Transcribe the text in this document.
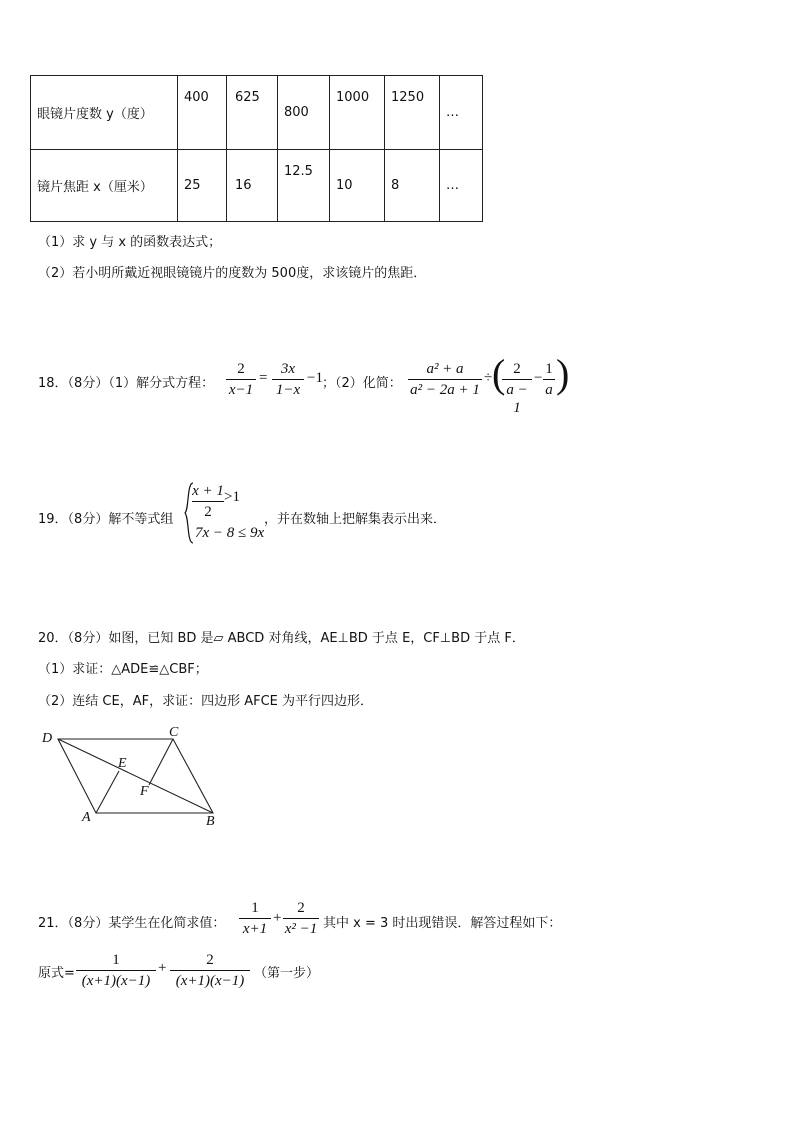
眼镜片度数 y（度）	400	625	800	1000	1250	…
镜片焦距 x（厘米）	25	16	12.5	10	8	…
（1）求 y 与 x 的函数表达式；
（2）若小明所戴近视眼镜镜片的度数为 500度，求该镜片的焦距．
18．（8分）（1）解分式方程：
2
x−1
=
3x
1−x
−1 ；（2）化简：
a² + a
a² − 2a + 1
÷ ( 2
a − 1
−
1
a )
19．（8分）解不等式组
x + 1
2
>1
7x − 8 ≤ 9x
，并在数轴上把解集表示出来．
20．（8分）如图，已知 BD 是▱ ABCD 对角线，AE⊥BD 于点 E，CF⊥BD 于点 F．
（1）求证：△ADE≌△CBF；
（2）连结 CE，AF，求证：四边形 AFCE 为平行四边形．
D	C
E
F
A	B
21．（8分）某学生在化简求值：
1
x+1
+
2
x² −1 其中 x = 3 时出现错误．解答过程如下：
原式=
1
(x+1)(x−1)
+	2
(x+1)(x−1) （第一步）
